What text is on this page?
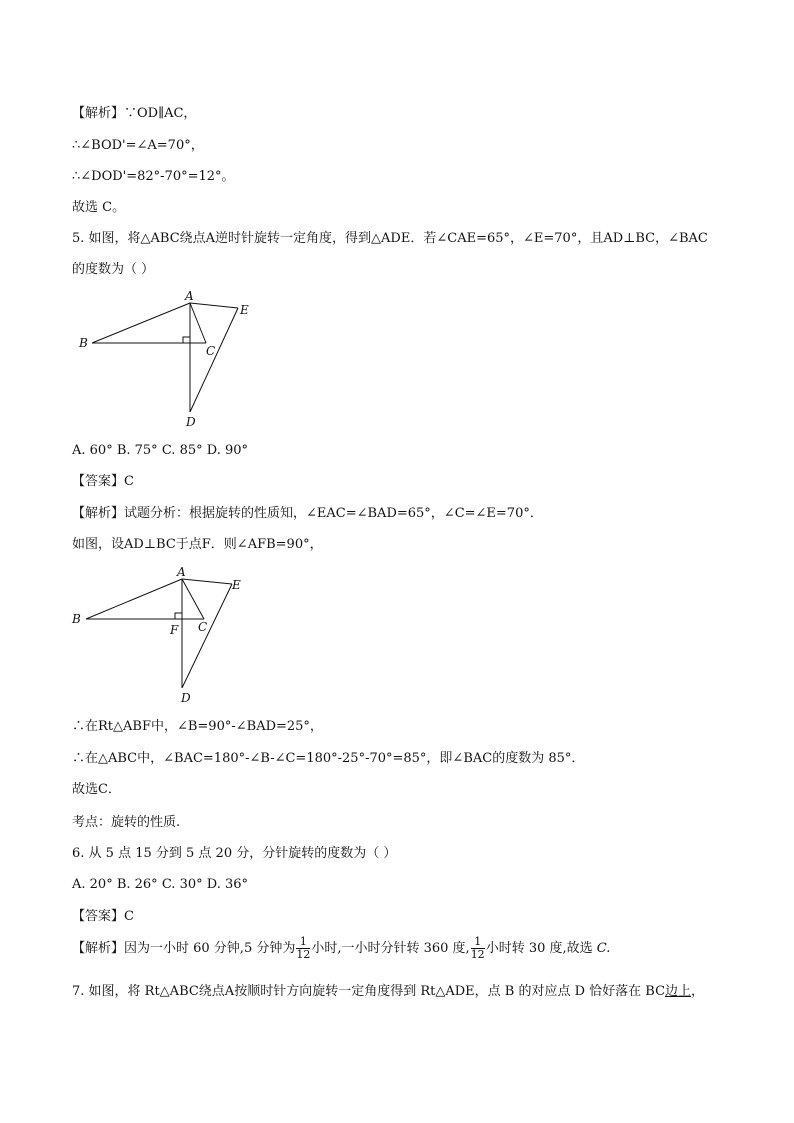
【解析】∵OD∥AC，
∴∠BOD'=∠A=70°，
∴∠DOD'=82°-70°=12°。
故选 C。
5. 如图，将△ABC绕点A逆时针旋转一定角度，得到△ADE．若∠CAE=65°，∠E=70°，且AD⊥BC，∠BAC
的度数为（ ）
A
B
C
D
E
A. 60° B. 75° C. 85° D. 90°
【答案】C
【解析】试题分析：根据旋转的性质知，∠EAC=∠BAD=65°，∠C=∠E=70°．
如图，设AD⊥BC于点F．则∠AFB=90°，
A
B
C
F
D
E
∴在Rt△ABF中，∠B=90°-∠BAD=25°，
∴在△ABC中，∠BAC=180°-∠B-∠C=180°-25°-70°=85°，即∠BAC的度数为 85°．
故选C．
考点：旋转的性质.
6. 从 5 点 15 分到 5 点 20 分，分针旋转的度数为（ ）
A. 20° B. 26° C. 30° D. 36°
【答案】C
【解析】因为一小时 60 分钟,5 分钟为 $\frac{1}{12}$ 小时,一小时分针转 360 度, $\frac{1}{12}$ 小时转 30 度,故选 C.
7. 如图，将 Rt△ABC绕点A按顺时针方向旋转一定角度得到 Rt△ADE，点 B 的对应点 D 恰好落在 BC边上，
